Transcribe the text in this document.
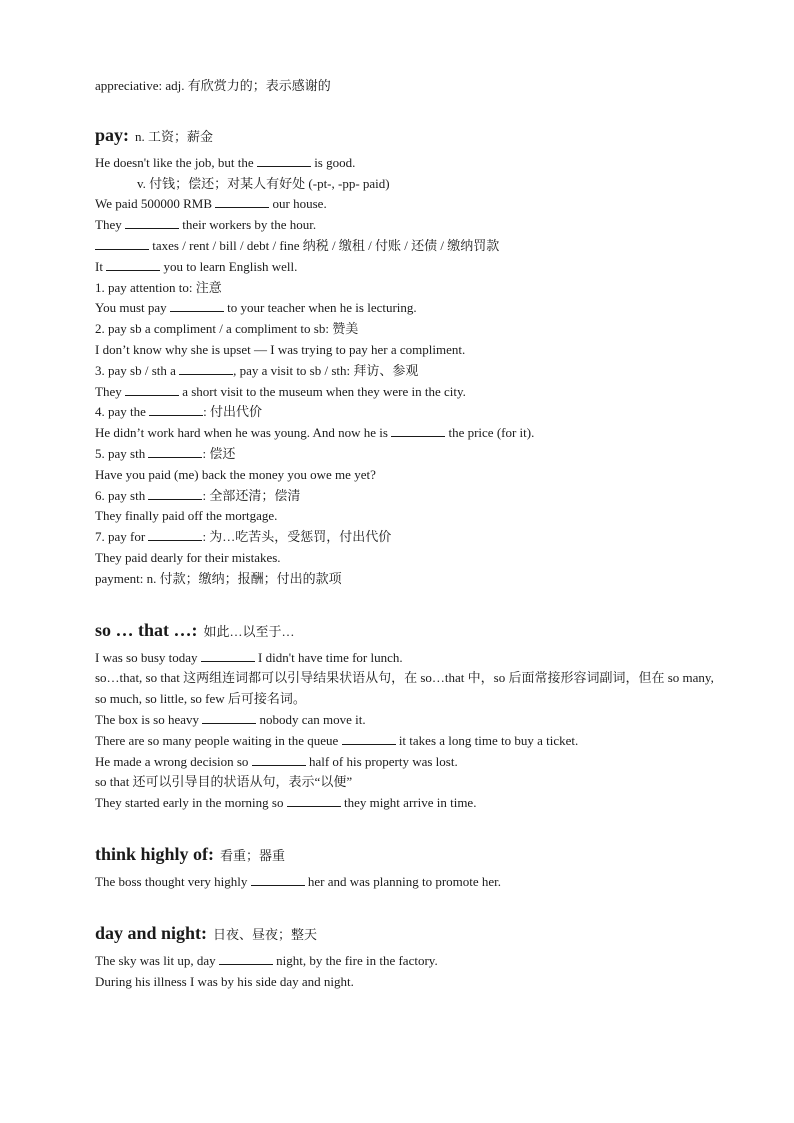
appreciative: adj. 有欣赏力的；表示感谢的
pay: n. 工资；薪金
He doesn't like the job, but the	is good.
v. 付钱；偿还；对某人有好处 (-pt-, -pp- paid)
We paid 500000 RMB	our house.
They	their workers by the hour.
taxes / rent / bill / debt / fine 纳税 / 缴租 / 付账 / 还债 / 缴纳罚款
It	you to learn English well.
1. pay attention to: 注意
You must pay	to your teacher when he is lecturing.
2. pay sb a compliment / a compliment to sb: 赞美
I don’t know why she is upset — I was trying to pay her a compliment.
3. pay sb / sth a	, pay a visit to sb / sth: 拜访、参观
They	a short visit to the museum when they were in the city.
4. pay the	: 付出代价
He didn’t work hard when he was young. And now he is	the price (for it).
5. pay sth	: 偿还
Have you paid (me) back the money you owe me yet?
6. pay sth	: 全部还清；偿清
They finally paid off the mortgage.
7. pay for	: 为…吃苦头，受惩罚，付出代价
They paid dearly for their mistakes.
payment: n. 付款；缴纳；报酬；付出的款项
so … that …: 如此…以至于…
I was so busy today	I didn't have time for lunch.
so…that, so that 这两组连词都可以引导结果状语从句，在 so…that 中，so 后面常接形容词副词，但在 so many, so much, so little, so few 后可接名词。
The box is so heavy	nobody can move it.
There are so many people waiting in the queue	it takes a long time to buy a ticket.
He made a wrong decision so	half of his property was lost.
so that 还可以引导目的状语从句，表示“以便”
They started early in the morning so	they might arrive in time.
think highly of: 看重；器重
The boss thought very highly	her and was planning to promote her.
day and night: 日夜、昼夜；整天
The sky was lit up, day	night, by the fire in the factory.
During his illness I was by his side day and night.
